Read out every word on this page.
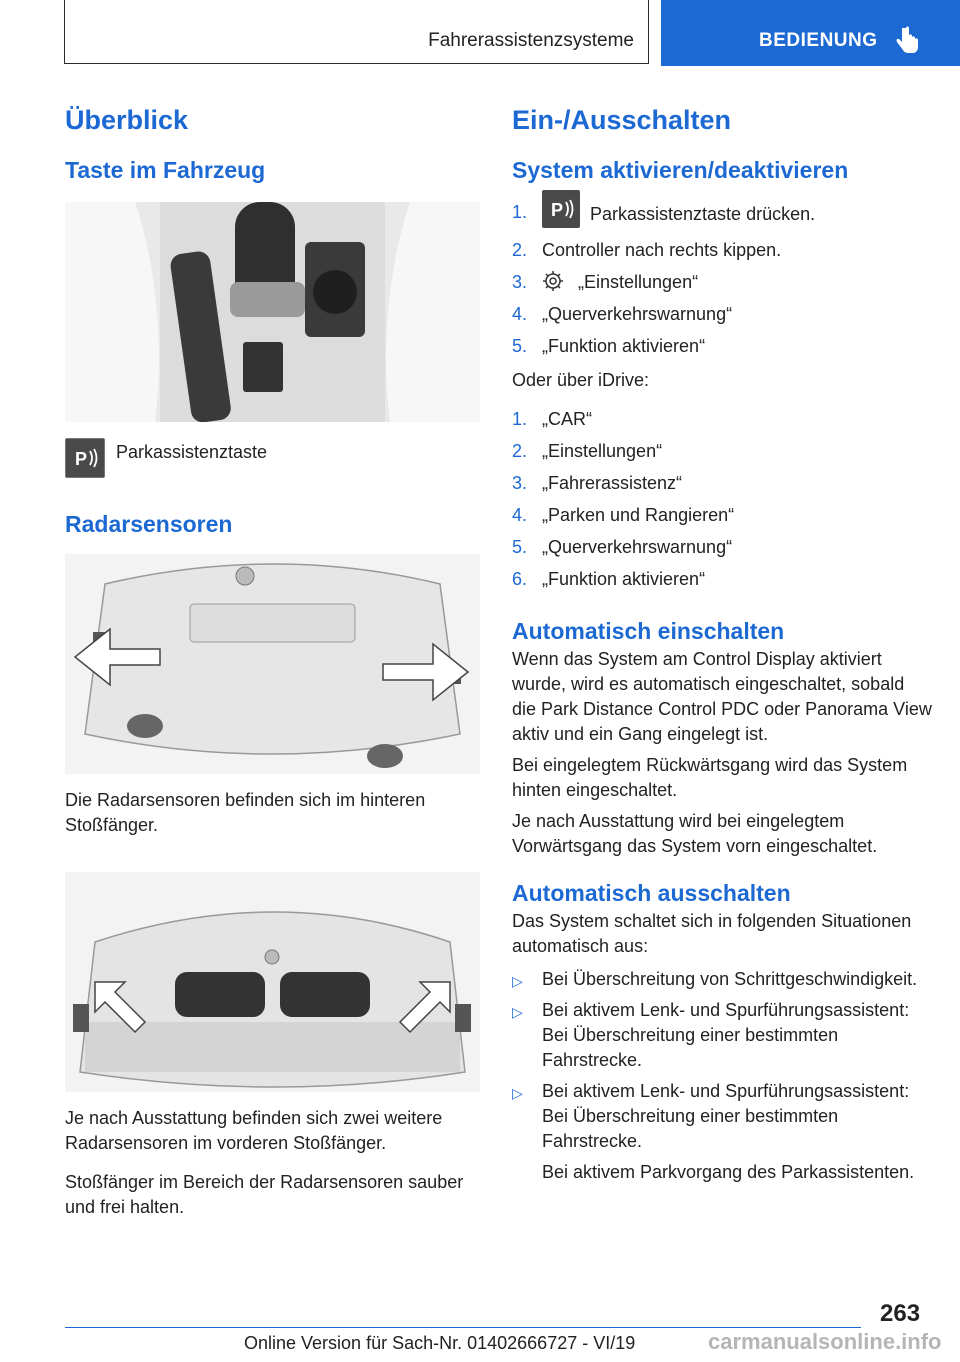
Fahrerassistenzsysteme	BEDIENUNG
Überblick
Taste im Fahrzeug
P Parkassistenztaste
Radarsensoren

Die Radarsensoren befinden sich im hinteren Stoßfänger.

Je nach Ausstattung befinden sich zwei weitere Radarsensoren im vorderen Stoßfänger.

Stoßfänger im Bereich der Radarsensoren sauber und frei halten.

Ein-/Ausschalten
System aktivieren/deaktivieren
1. P Parkassistenztaste drücken.
2. Controller nach rechts kippen.
3.	„Einstellungen“
4. „Querverkehrswarnung“
5. „Funktion aktivieren“

Oder über iDrive:

1. „CAR“
2. „Einstellungen“
3. „Fahrerassistenz“
4. „Parken und Rangieren“
5. „Querverkehrswarnung“
6. „Funktion aktivieren“
Automatisch einschalten

Wenn das System am Control Display aktiviert wurde, wird es automatisch eingeschaltet, sobald die Park Distance Control PDC oder Panorama View aktiv und ein Gang eingelegt ist.

Bei eingelegtem Rückwärtsgang wird das System hinten eingeschaltet.

Je nach Ausstattung wird bei eingelegtem Vorwärtsgang das System vorn eingeschaltet.

Automatisch ausschalten

Das System schaltet sich in folgenden Situationen automatisch aus:

▷ Bei Überschreitung von Schrittgeschwindigkeit.
▷ Bei aktivem Lenk- und Spurführungsassistent: Bei Überschreitung einer bestimmten Fahrstrecke.
▷ Bei aktivem Lenk- und Spurführungsassistent: Bei Überschreitung einer bestimmten Fahrstrecke.

Bei aktivem Parkvorgang des Parkassistenten.

263
Online Version für Sach-Nr. 01402666727 - VI/19	carmanualsonline.info
